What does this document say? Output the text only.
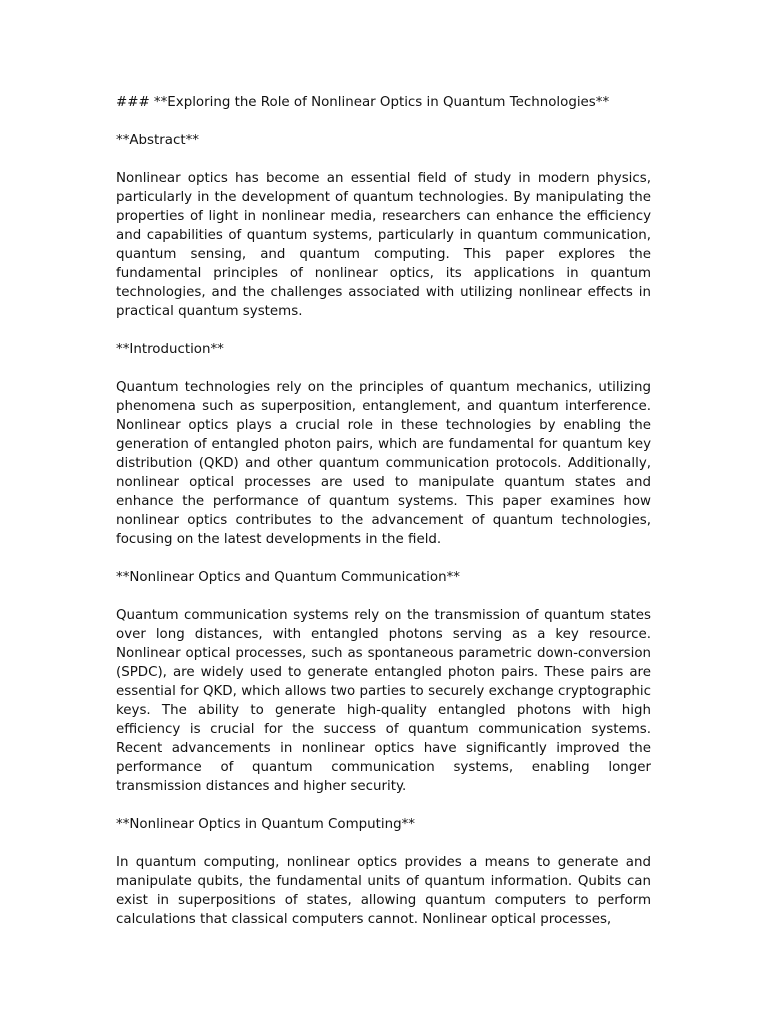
### **Exploring the Role of Nonlinear Optics in Quantum Technologies**
**Abstract**
Nonlinear optics has become an essential field of study in modern physics, particularly in the development of quantum technologies. By manipulating the properties of light in nonlinear media, researchers can enhance the efficiency and capabilities of quantum systems, particularly in quantum communication, quantum sensing, and quantum computing. This paper explores the fundamental principles of nonlinear optics, its applications in quantum technologies, and the challenges associated with utilizing nonlinear effects in practical quantum systems.
**Introduction**
Quantum technologies rely on the principles of quantum mechanics, utilizing phenomena such as superposition, entanglement, and quantum interference. Nonlinear optics plays a crucial role in these technologies by enabling the generation of entangled photon pairs, which are fundamental for quantum key distribution (QKD) and other quantum communication protocols. Additionally, nonlinear optical processes are used to manipulate quantum states and enhance the performance of quantum systems. This paper examines how nonlinear optics contributes to the advancement of quantum technologies, focusing on the latest developments in the field.
**Nonlinear Optics and Quantum Communication**
Quantum communication systems rely on the transmission of quantum states over long distances, with entangled photons serving as a key resource. Nonlinear optical processes, such as spontaneous parametric down-conversion (SPDC), are widely used to generate entangled photon pairs. These pairs are essential for QKD, which allows two parties to securely exchange cryptographic keys. The ability to generate high-quality entangled photons with high efficiency is crucial for the success of quantum communication systems. Recent advancements in nonlinear optics have significantly improved the performance of quantum communication systems, enabling longer transmission distances and higher security.
**Nonlinear Optics in Quantum Computing**
In quantum computing, nonlinear optics provides a means to generate and manipulate qubits, the fundamental units of quantum information. Qubits can exist in superpositions of states, allowing quantum computers to perform calculations that classical computers cannot. Nonlinear optical processes,
